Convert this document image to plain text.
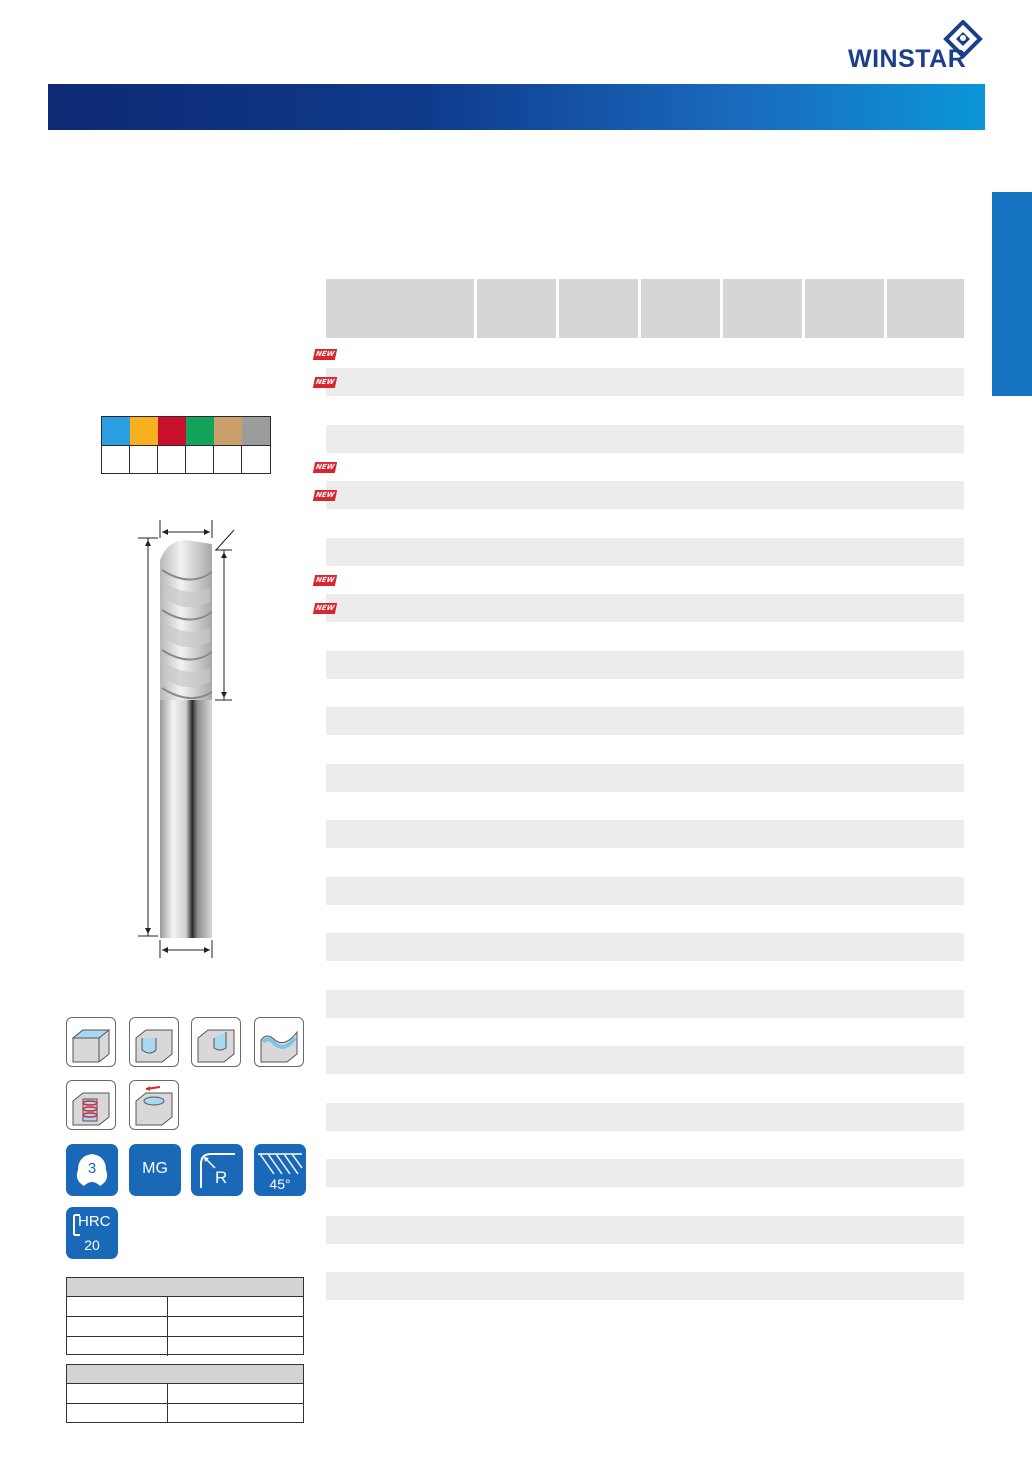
WINSTAR
NEW
NEW
NEW
NEW
NEW
NEW
3	MG	R	45°
HRC
20
